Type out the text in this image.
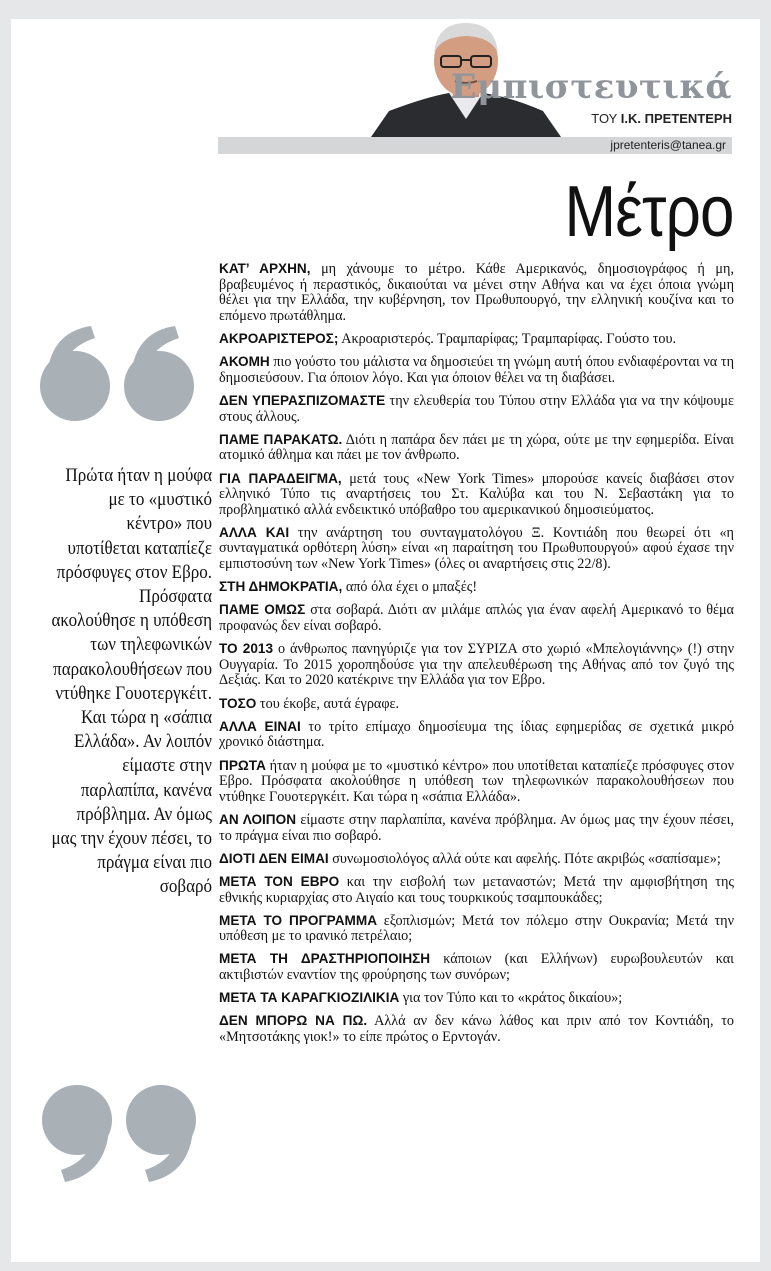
Εμπιστευτικά
ΤΟΥ Ι.Κ. ΠΡΕΤΕΝΤΕΡΗ
jpretenteris@tanea.gr
Μέτρο
Πρώτα ήταν η μούφα με το «μυστικό κέντρο» που υποτίθεται καταπίεζε πρόσφυγες στον Εβρο. Πρόσφατα ακολούθησε η υπόθεση των τηλεφωνικών παρακολουθήσεων που ντύθηκε Γουοτεργκέιτ. Και τώρα η «σάπια Ελλάδα». Αν λοιπόν είμαστε στην παρλαπίπα, κανένα πρόβλημα. Αν όμως μας την έχουν πέσει, το πράγμα είναι πιο σοβαρό

ΚΑΤ’ ΑΡΧΗΝ, μη χάνουμε το μέτρο. Κάθε Αμερικανός, δημοσιογράφος ή μη, βραβευμένος ή περαστικός, δικαιούται να μένει στην Αθήνα και να έχει όποια γνώμη θέλει για την Ελλάδα, την κυβέρνηση, τον Πρωθυπουργό, την ελληνική κουζίνα και το επόμενο πρωτάθλημα.

ΑΚΡΟΑΡΙΣΤΕΡΟΣ; Ακροαριστερός. Τραμπαρίφας; Τραμπαρίφας. Γούστο του.

ΑΚΟΜΗ πιο γούστο του μάλιστα να δημοσιεύει τη γνώμη αυτή όπου ενδιαφέρονται να τη δημοσιεύσουν. Για όποιον λόγο. Και για όποιον θέλει να τη διαβάσει.

ΔΕΝ ΥΠΕΡΑΣΠΙΖΟΜΑΣΤΕ την ελευθερία του Τύπου στην Ελλάδα για να την κόψουμε στους άλλους.

ΠΑΜΕ ΠΑΡΑΚΑΤΩ. Διότι η παπάρα δεν πάει με τη χώρα, ούτε με την εφημερίδα. Είναι ατομικό άθλημα και πάει με τον άνθρωπο.

ΓΙΑ ΠΑΡΑΔΕΙΓΜΑ, μετά τους «New York Times» μπορούσε κανείς διαβάσει στον ελληνικό Τύπο τις αναρτήσεις του Στ. Καλύβα και του Ν. Σεβαστάκη για το προβληματικό αλλά ενδεικτικό υπόβαθρο του αμερικανικού δημοσιεύματος.

ΑΛΛΑ ΚΑΙ την ανάρτηση του συνταγματολόγου Ξ. Κοντιάδη που θεωρεί ότι «η συνταγματικά ορθότερη λύση» είναι «η παραίτηση του Πρωθυπουργού» αφού έχασε την εμπιστοσύνη των «New York Times» (όλες οι αναρτήσεις στις 22/8).

ΣΤΗ ΔΗΜΟΚΡΑΤΙΑ, από όλα έχει ο μπαξές!

ΠΑΜΕ ΟΜΩΣ στα σοβαρά. Διότι αν μιλάμε απλώς για έναν αφελή Αμερικανό το θέμα προφανώς δεν είναι σοβαρό.

ΤΟ 2013 ο άνθρωπος πανηγύριζε για τον ΣΥΡΙΖΑ στο χωριό «Μπελογιάννης» (!) στην Ουγγαρία. Το 2015 χοροπηδούσε για την απελευθέρωση της Αθήνας από τον ζυγό της Δεξιάς. Και το 2020 κατέκρινε την Ελλάδα για τον Εβρο.

ΤΟΣΟ του έκοβε, αυτά έγραφε.

ΑΛΛΑ ΕΙΝΑΙ το τρίτο επίμαχο δημοσίευμα της ίδιας εφημερίδας σε σχετικά μικρό χρονικό διάστημα.

ΠΡΩΤΑ ήταν η μούφα με το «μυστικό κέντρο» που υποτίθεται καταπίεζε πρόσφυγες στον Εβρο. Πρόσφατα ακολούθησε η υπόθεση των τηλεφωνικών παρακολουθήσεων που ντύθηκε Γουοτεργκέιτ. Και τώρα η «σάπια Ελλάδα».

ΑΝ ΛΟΙΠΟΝ είμαστε στην παρλαπίπα, κανένα πρόβλημα. Αν όμως μας την έχουν πέσει, το πράγμα είναι πιο σοβαρό.

ΔΙΟΤΙ ΔΕΝ ΕΙΜΑΙ συνωμοσιολόγος αλλά ούτε και αφελής. Πότε ακριβώς «σαπίσαμε»;

ΜΕΤΑ ΤΟΝ ΕΒΡΟ και την εισβολή των μεταναστών; Μετά την αμφισβήτηση της εθνικής κυριαρχίας στο Αιγαίο και τους τουρκικούς τσαμπουκάδες;

ΜΕΤΑ ΤΟ ΠΡΟΓΡΑΜΜΑ εξοπλισμών; Μετά τον πόλεμο στην Ουκρανία; Μετά την υπόθεση με το ιρανικό πετρέλαιο;

ΜΕΤΑ ΤΗ ΔΡΑΣΤΗΡΙΟΠΟΙΗΣΗ κάποιων (και Ελλήνων) ευρωβουλευτών και ακτιβιστών εναντίον της φρούρησης των συνόρων;

ΜΕΤΑ ΤΑ ΚΑΡΑΓΚΙΟΖΙΛΙΚΙΑ για τον Τύπο και το «κράτος δικαίου»;

ΔΕΝ ΜΠΟΡΩ ΝΑ ΠΩ. Αλλά αν δεν κάνω λάθος και πριν από τον Κοντιάδη, το «Μητσοτάκης γιοκ!» το είπε πρώτος ο Ερντογάν.
